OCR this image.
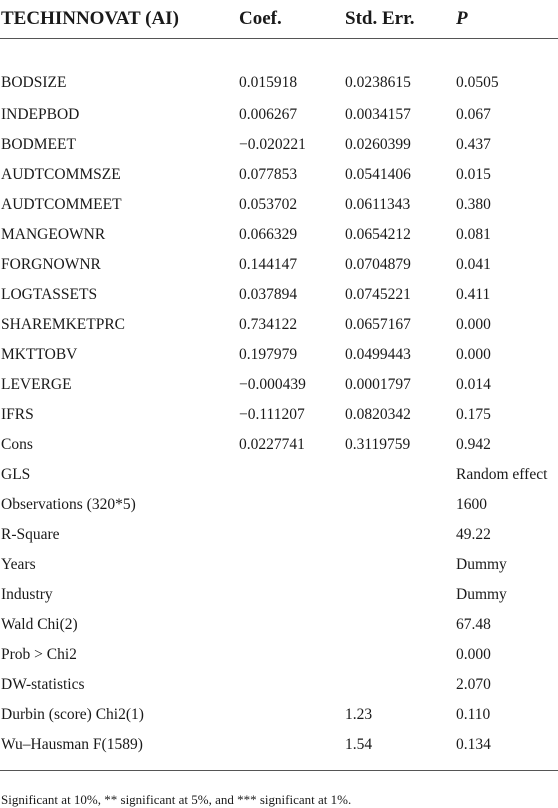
TECHINNOVAT (AI)	Coef.	Std. Err.	P
BODSIZE	0.015918	0.0238615	0.0505
INDEPBOD	0.006267	0.0034157	0.067
BODMEET	−0.020221	0.0260399	0.437
AUDTCOMMSZE	0.077853	0.0541406	0.015
AUDTCOMMEET	0.053702	0.0611343	0.380
MANGEOWNR	0.066329	0.0654212	0.081
FORGNOWNR	0.144147	0.0704879	0.041
LOGTASSETS	0.037894	0.0745221	0.411
SHAREMKETPRC	0.734122	0.0657167	0.000
MKTTOBV	0.197979	0.0499443	0.000
LEVERGE	−0.000439	0.0001797	0.014
IFRS	−0.111207	0.0820342	0.175
Cons	0.0227741	0.3119759	0.942
GLS			Random effect
Observations (320*5)			1600
R-Square			49.22
Years			Dummy
Industry			Dummy
Wald Chi(2)			67.48
Prob > Chi2			0.000
DW-statistics			2.070
Durbin (score) Chi2(1)		1.23	0.110
Wu–Hausman F(1589)		1.54	0.134
Significant at 10%, ** significant at 5%, and *** significant at 1%.
